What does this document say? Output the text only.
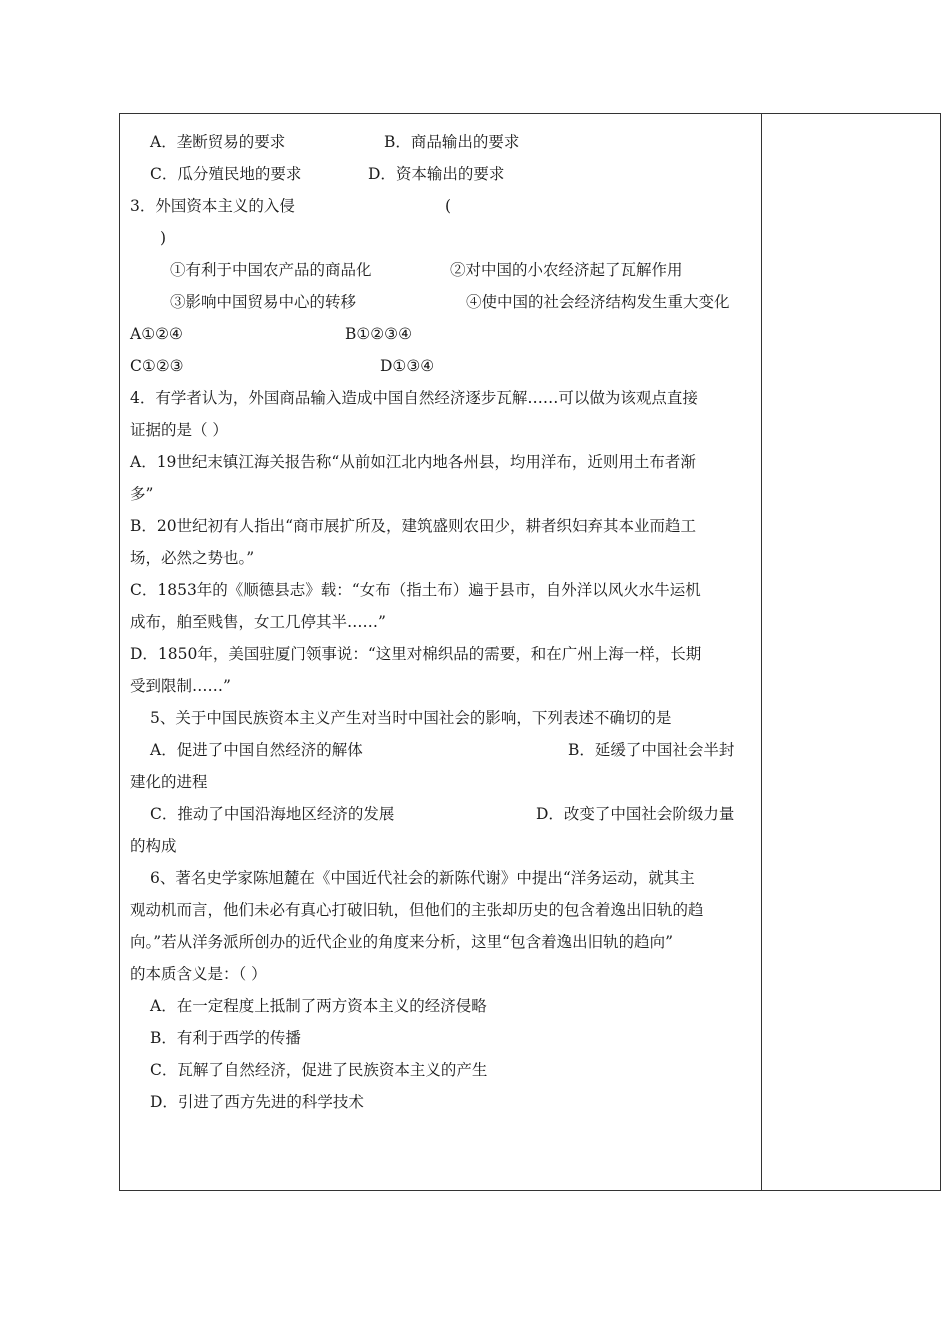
A．垄断贸易的要求	B．商品输出的要求
C．瓜分殖民地的要求	D．资本输出的要求
3．外国资本主义的入侵	(
)
①有利于中国农产品的商品化	②对中国的小农经济起了瓦解作用
③影响中国贸易中心的转移	④使中国的社会经济结构发生重大变化
A①②④	B①②③④
C①②③	D①③④
4．有学者认为，外国商品输入造成中国自然经济逐步瓦解……可以做为该观点直接
证据的是（ ）
A．19世纪末镇江海关报告称“从前如江北内地各州县，均用洋布，近则用土布者渐
多”
B．20世纪初有人指出“商市展扩所及，建筑盛则农田少，耕者织妇弃其本业而趋工
场，必然之势也。”
C．1853年的《顺德县志》载：“女布（指土布）遍于县市，自外洋以风火水牛运机
成布，舶至贱售，女工几停其半……”
D．1850年，美国驻厦门领事说：“这里对棉织品的需要，和在广州上海一样，长期
受到限制……”
5、关于中国民族资本主义产生对当时中国社会的影响，下列表述不确切的是
A．促进了中国自然经济的解体	B．延缓了中国社会半封
建化的进程
C．推动了中国沿海地区经济的发展	D．改变了中国社会阶级力量
的构成
6、著名史学家陈旭麓在《中国近代社会的新陈代谢》中提出“洋务运动，就其主
观动机而言，他们未必有真心打破旧轨，但他们的主张却历史的包含着逸出旧轨的趋
向。”若从洋务派所创办的近代企业的角度来分析，这里“包含着逸出旧轨的趋向”
的本质含义是：（ ）
A．在一定程度上抵制了两方资本主义的经济侵略
B．有利于西学的传播
C．瓦解了自然经济，促进了民族资本主义的产生
D．引进了西方先进的科学技术
